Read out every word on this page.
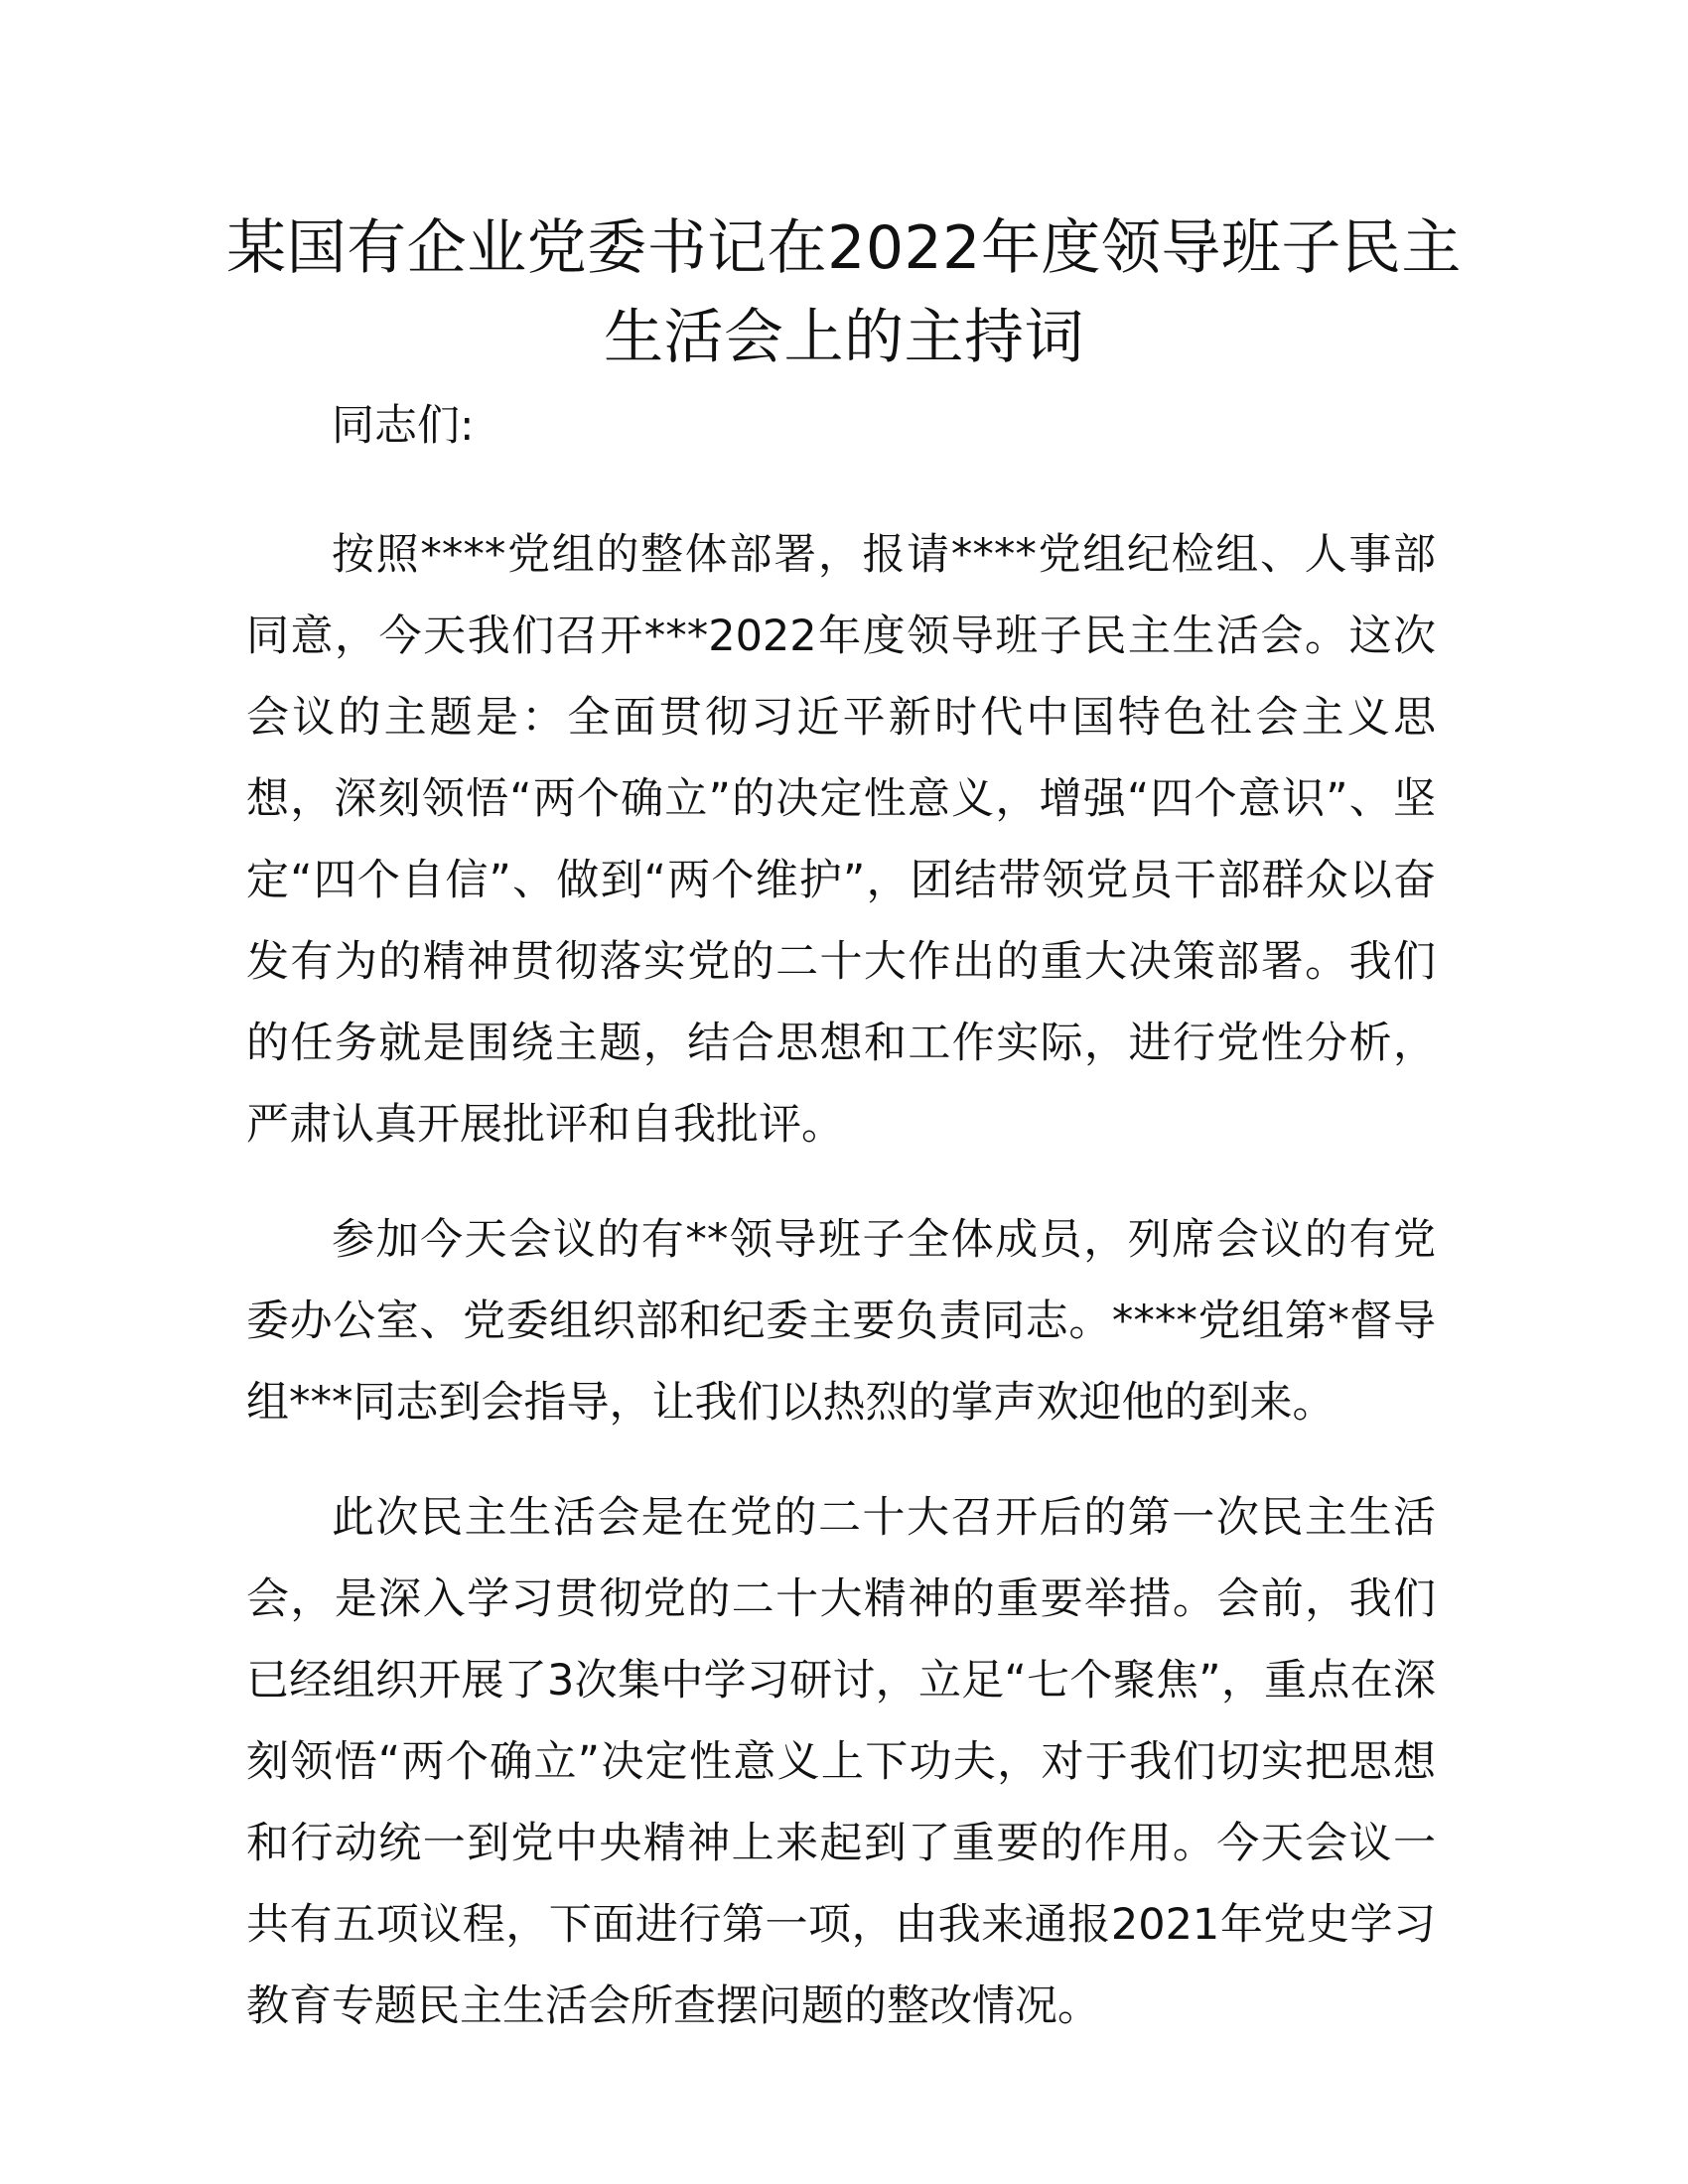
某国有企业党委书记在2022年度领导班子民主生活会上的主持词

同志们:

按照****党组的整体部署，报请****党组纪检组、人事部同意，今天我们召开***2022年度领导班子民主生活会。这次会议的主题是：全面贯彻习近平新时代中国特色社会主义思想，深刻领悟“两个确立”的决定性意义，增强“四个意识”、坚定“四个自信”、做到“两个维护”，团结带领党员干部群众以奋发有为的精神贯彻落实党的二十大作出的重大决策部署。我们的任务就是围绕主题，结合思想和工作实际，进行党性分析，严肃认真开展批评和自我批评。

参加今天会议的有**领导班子全体成员，列席会议的有党委办公室、党委组织部和纪委主要负责同志。****党组第*督导组***同志到会指导，让我们以热烈的掌声欢迎他的到来。

此次民主生活会是在党的二十大召开后的第一次民主生活会，是深入学习贯彻党的二十大精神的重要举措。会前，我们已经组织开展了3次集中学习研讨，立足“七个聚焦”，重点在深刻领悟“两个确立”决定性意义上下功夫，对于我们切实把思想和行动统一到党中央精神上来起到了重要的作用。今天会议一共有五项议程，下面进行第一项，由我来通报2021年党史学习教育专题民主生活会所查摆问题的整改情况。
